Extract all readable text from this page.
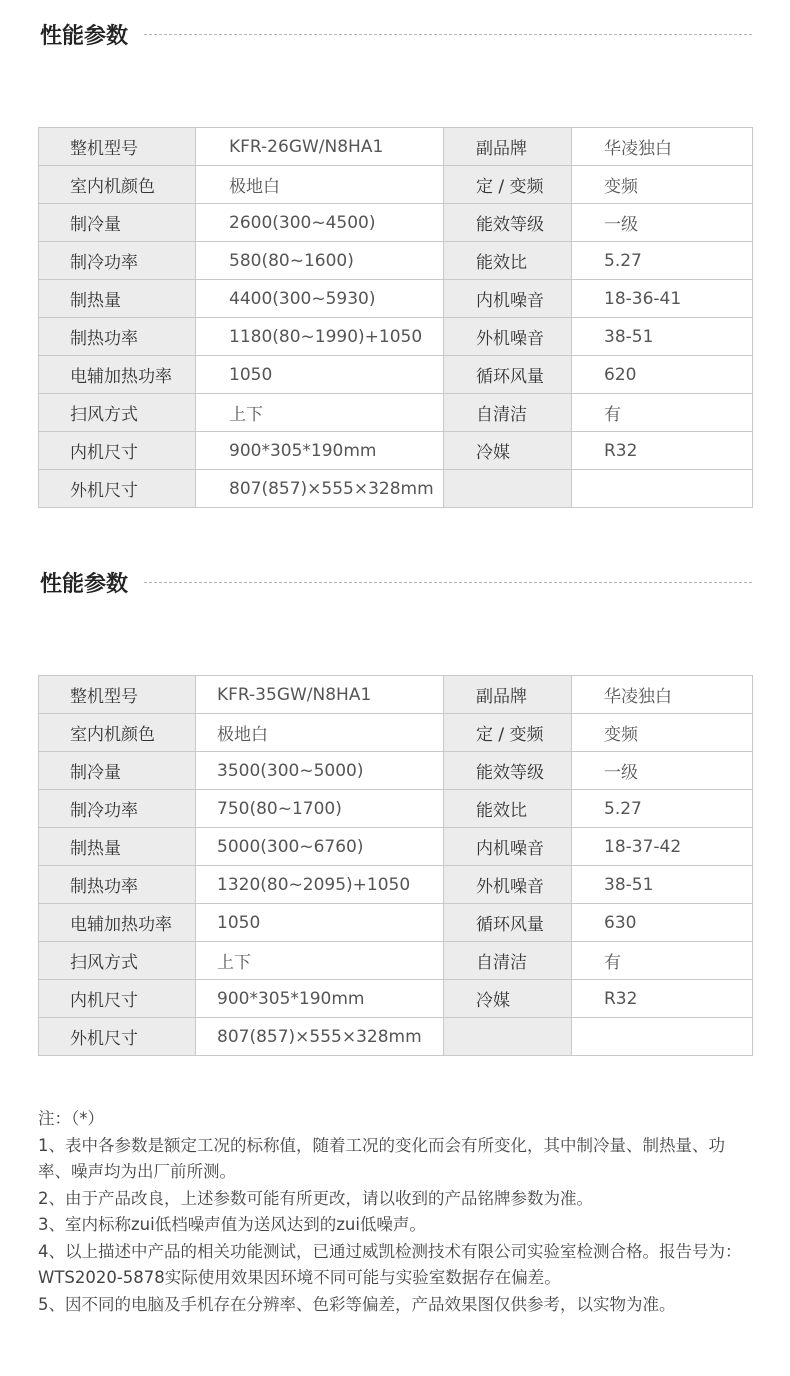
性能参数
整机型号	KFR-26GW/N8HA1	副品牌	华凌独白
室内机颜色	极地白	定 / 变频	变频
制冷量	2600(300~4500)	能效等级	一级
制冷功率	580(80~1600)	能效比	5.27
制热量	4400(300~5930)	内机噪音	18-36-41
制热功率	1180(80~1990)+1050	外机噪音	38-51
电辅加热功率	1050	循环风量	620
扫风方式	上下	自清洁	有
内机尺寸	900*305*190mm	冷媒	R32
外机尺寸	807(857)×555×328mm		
性能参数
整机型号	KFR-35GW/N8HA1	副品牌	华凌独白
室内机颜色	极地白	定 / 变频	变频
制冷量	3500(300~5000)	能效等级	一级
制冷功率	750(80~1700)	能效比	5.27
制热量	5000(300~6760)	内机噪音	18-37-42
制热功率	1320(80~2095)+1050	外机噪音	38-51
电辅加热功率	1050	循环风量	630
扫风方式	上下	自清洁	有
内机尺寸	900*305*190mm	冷媒	R32
外机尺寸	807(857)×555×328mm		

注：（*）

1、表中各参数是额定工况的标称值，随着工况的变化而会有所变化，其中制冷量、制热量、功率、噪声均为出厂前所测。

2、由于产品改良，上述参数可能有所更改，请以收到的产品铭牌参数为准。

3、室内标称zui低档噪声值为送风达到的zui低噪声。

4、以上描述中产品的相关功能测试，已通过威凯检测技术有限公司实验室检测合格。报告号为：WTS2020-5878实际使用效果因环境不同可能与实验室数据存在偏差。

5、因不同的电脑及手机存在分辨率、色彩等偏差，产品效果图仅供参考，以实物为准。
